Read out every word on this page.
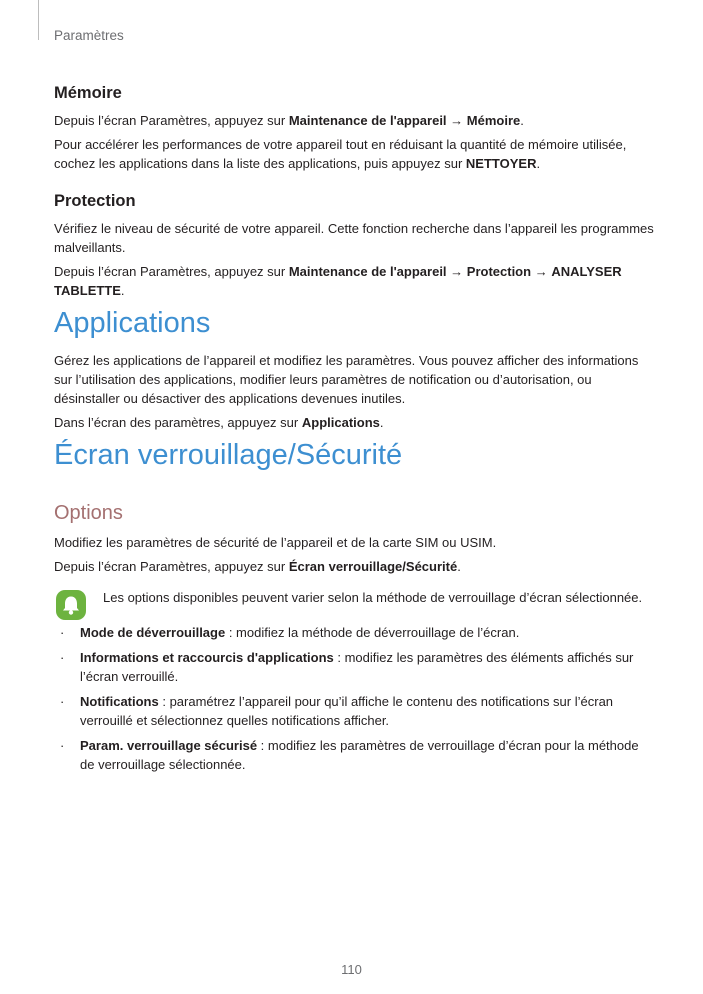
Paramètres

Mémoire

Depuis l’écran Paramètres, appuyez sur Maintenance de l'appareil → Mémoire.

Pour accélérer les performances de votre appareil tout en réduisant la quantité de mémoire utilisée, cochez les applications dans la liste des applications, puis appuyez sur NETTOYER.

Protection

Vérifiez le niveau de sécurité de votre appareil. Cette fonction recherche dans l’appareil les programmes malveillants.

Depuis l’écran Paramètres, appuyez sur Maintenance de l'appareil → Protection → ANALYSER TABLETTE.

Applications

Gérez les applications de l’appareil et modifiez les paramètres. Vous pouvez afficher des informations sur l’utilisation des applications, modifier leurs paramètres de notification ou d’autorisation, ou désinstaller ou désactiver des applications devenues inutiles.

Dans l’écran des paramètres, appuyez sur Applications.

Écran verrouillage/Sécurité
Options

Modifiez les paramètres de sécurité de l’appareil et de la carte SIM ou USIM.

Depuis l’écran Paramètres, appuyez sur Écran verrouillage/Sécurité.

Les options disponibles peuvent varier selon la méthode de verrouillage d’écran sélectionnée.

· Mode de déverrouillage : modifiez la méthode de déverrouillage de l’écran.
· Informations et raccourcis d'applications : modifiez les paramètres des éléments affichés sur l’écran verrouillé.
· Notifications : paramétrez l’appareil pour qu’il affiche le contenu des notifications sur l’écran verrouillé et sélectionnez quelles notifications afficher.
· Param. verrouillage sécurisé : modifiez les paramètres de verrouillage d’écran pour la méthode de verrouillage sélectionnée.

110
